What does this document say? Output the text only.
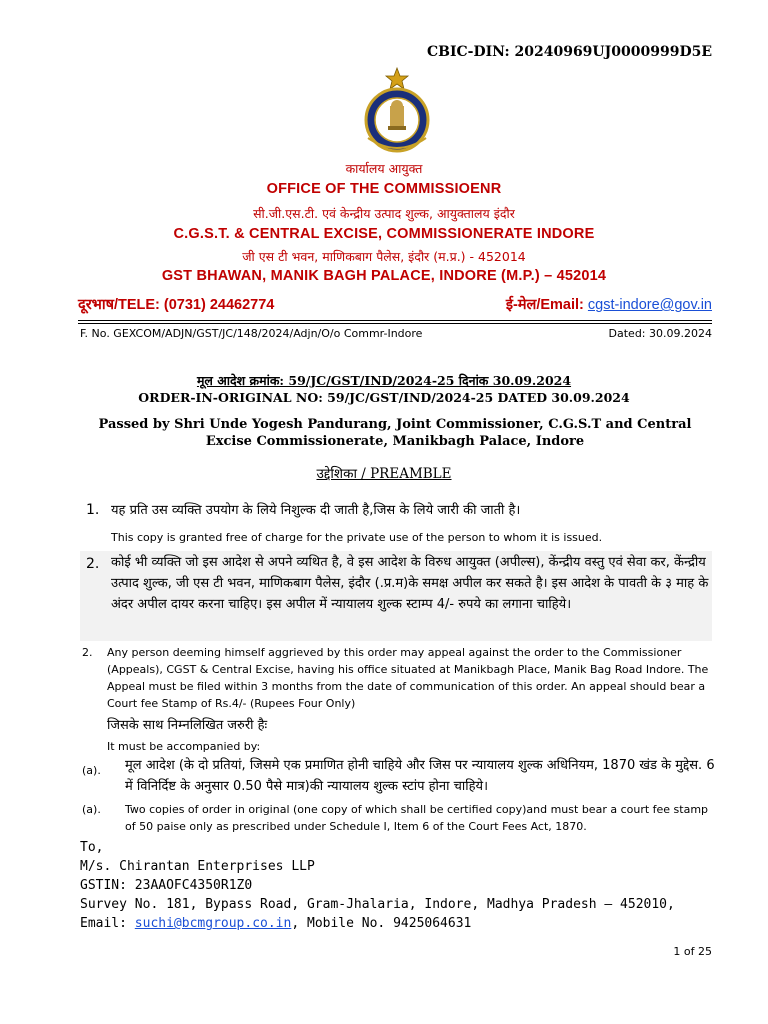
CBIC-DIN: 20240969UJ0000999D5E
कार्यालय आयुक्त
OFFICE OF THE COMMISSIOENR
सी.जी.एस.टी. एवं केन्द्रीय उत्पाद शुल्क, आयुक्तालय इंदौर
C.G.S.T. & CENTRAL EXCISE, COMMISSIONERATE INDORE
जी एस टी भवन, माणिकबाग पैलेस, इंदौर (म.प्र.) - 452014
GST BHAWAN, MANIK BAGH PALACE, INDORE (M.P.) – 452014
दूरभाष/TELE: (0731) 24462774	ई-मेल/Email: cgst-indore@gov.in
F. No. GEXCOM/ADJN/GST/JC/148/2024/Adjn/O/o Commr-Indore	Dated: 30.09.2024
मूल आदेश क्रमांक: 59/JC/GST/IND/2024-25 दिनांक 30.09.2024
ORDER-IN-ORIGINAL NO: 59/JC/GST/IND/2024-25 DATED 30.09.2024
Passed by Shri Unde Yogesh Pandurang, Joint Commissioner, C.G.S.T and Central Excise Commissionerate, Manikbagh Palace, Indore
उद्देशिका / PREAMBLE
1. यह प्रति उस व्यक्ति उपयोग के लिये निशुल्क दी जाती है,जिस के लिये जारी की जाती है।
This copy is granted free of charge for the private use of the person to whom it is issued.
2. कोई भी व्यक्ति जो इस आदेश से अपने व्यथित है, वे इस आदेश के विरुध आयुक्त (अपील्स), केंन्द्रीय वस्तु एवं सेवा कर, केंन्द्रीय उत्पाद शुल्क, जी एस टी भवन, माणिकबाग पैलेस, इंदौर (.प्र.म)के समक्ष अपील कर सकते है। इस आदेश के पावती के ३ माह के अंदर अपील दायर करना चाहिए। इस अपील में न्यायालय शुल्क स्टाम्प 4/- रुपये का लगाना चाहिये।
2. Any person deeming himself aggrieved by this order may appeal against the order to the Commissioner (Appeals), CGST & Central Excise, having his office situated at Manikbagh Place, Manik Bag Road Indore. The Appeal must be filed within 3 months from the date of communication of this order. An appeal should bear a Court fee Stamp of Rs.4/- (Rupees Four Only)
जिसके साथ निम्नलिखित जरुरी हैः
It must be accompanied by:
(a). मूल आदेश (के दो प्रतियां, जिसमे एक प्रमाणित होनी चाहिये और जिस पर न्यायालय शुल्क अधिनियम, 1870 खंड के मुद्देस. 6 में विनिर्दिष्ट के अनुसार 0.50 पैसे मात्र)की न्यायालय शुल्क स्टांप होना चाहिये।
(a). Two copies of order in original (one copy of which shall be certified copy)and must bear a court fee stamp of 50 paise only as prescribed under Schedule I, Item 6 of the Court Fees Act, 1870.
To,
M/s. Chirantan Enterprises LLP
GSTIN: 23AAOFC4350R1Z0
Survey No. 181, Bypass Road, Gram-Jhalaria, Indore, Madhya Pradesh – 452010,
Email: suchi@bcmgroup.co.in, Mobile No. 9425064631
1 of 25
